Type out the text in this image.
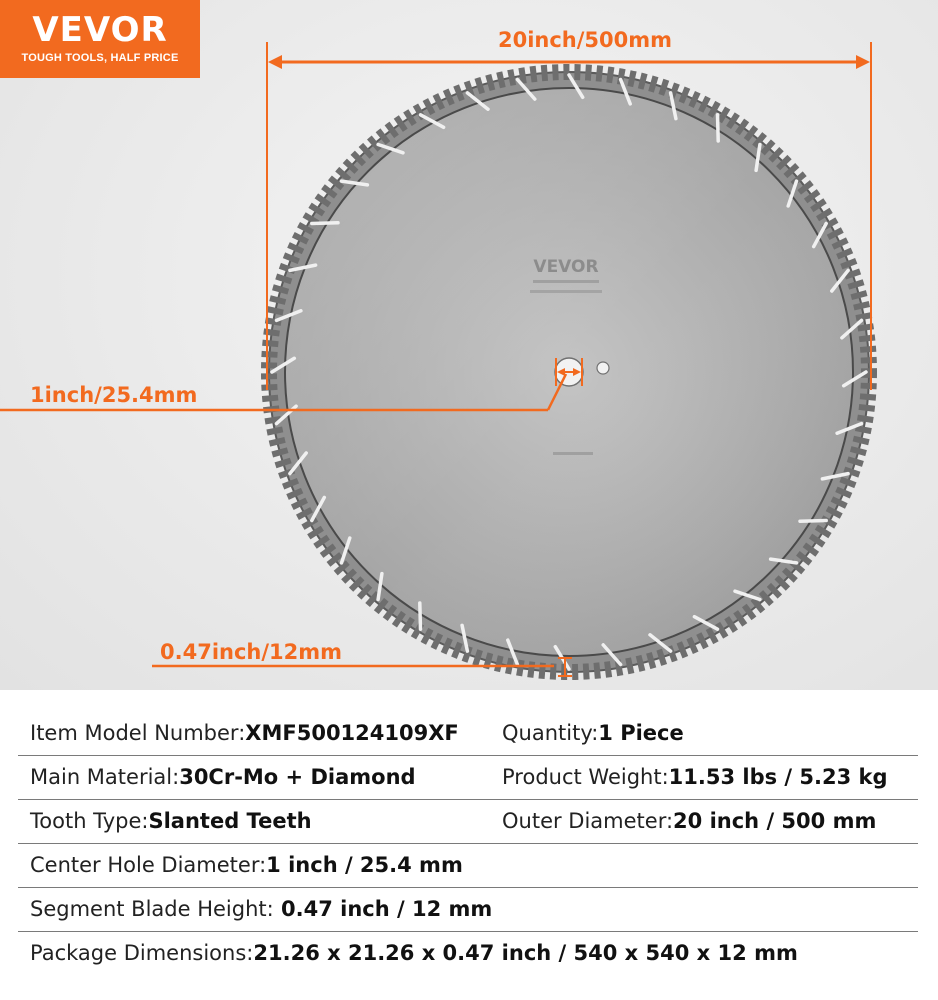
VEVOR
VEVOR
TOUGH TOOLS, HALF PRICE
20inch/500mm
1inch/25.4mm
0.47inch/12mm
Item Model Number:XMF500124109XF Quantity:1 Piece
Main Material:30Cr-Mo + Diamond	Product Weight:11.53 lbs / 5.23 kg
Tooth Type:Slanted Teeth	Outer Diameter:20 inch / 500 mm
Center Hole Diameter:1 inch / 25.4 mm
Segment Blade Height: 0.47 inch / 12 mm
Package Dimensions:21.26 x 21.26 x 0.47 inch / 540 x 540 x 12 mm
